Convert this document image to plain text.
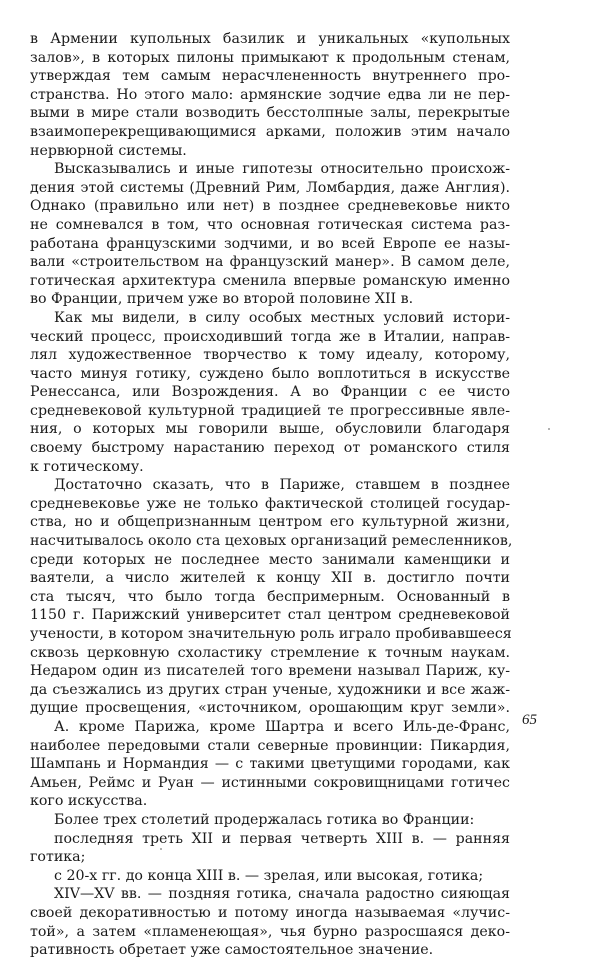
в Армении купольных базилик и уникальных «купольных
залов», в которых пилоны примыкают к продольным стенам,
утверждая тем самым нерасчлененность внутреннего про-
странства. Но этого мало: армянские зодчие едва ли не пер-
выми в мире стали возводить бесстолпные залы, перекрытые
взаимоперекрещивающимися арками, положив этим начало
нервюрной системы.
Высказывались и иные гипотезы относительно происхож-
дения этой системы (Древний Рим, Ломбардия, даже Англия).
Однако (правильно или нет) в позднее средневековье никто
не сомневался в том, что основная готическая система раз-
работана французскими зодчими, и во всей Европе ее назы-
вали «строительством на французский манер». В самом деле,
готическая архитектура сменила впервые романскую именно
во Франции, причем уже во второй половине XII в.
Как мы видели, в силу особых местных условий истори-
ческий процесс, происходивший тогда же в Италии, направ-
лял художественное творчество к тому идеалу, которому,
часто минуя готику, суждено было воплотиться в искусстве
Ренессанса, или Возрождения. А во Франции с ее чисто
средневековой культурной традицией те прогрессивные явле-
ния, о которых мы говорили выше, обусловили благодаря
своему быстрому нарастанию переход от романского стиля
к готическому.
Достаточно сказать, что в Париже, ставшем в позднее
средневековье уже не только фактической столицей государ-
ства, но и общепризнанным центром его культурной жизни,
насчитывалось около ста цеховых организаций ремесленников,
среди которых не последнее место занимали каменщики и
ваятели, а число жителей к концу XII в. достигло почти
ста тысяч, что было тогда беспримерным. Основанный в
1150 г. Парижский университет стал центром средневековой
учености, в котором значительную роль играло пробивавшееся
сквозь церковную схоластику стремление к точным наукам.
Недаром один из писателей того времени называл Париж, ку-
да съезжались из других стран ученые, художники и все жаж-
дущие просвещения, «источником, орошающим круг земли».
А. кроме Парижа, кроме Шартра и всего Иль-де-Франс,
наиболее передовыми стали северные провинции: Пикардия,
Шампань и Нормандия — с такими цветущими городами, как
Амьен, Реймс и Руан — истинными сокровищницами готичес
кого искусства.
Более трех столетий продержалась готика во Франции:
последняя треть XII и первая четверть XIII в. — ранняя
готика;
с 20-х гг. до конца XIII в. — зрелая, или высокая, готика;
XIV—XV вв. — поздняя готика, сначала радостно сияющая
своей декоративностью и потому иногда называемая «лучис-
той», а затем «пламенеющая», чья бурно разросшаяся деко-
ративность обретает уже самостоятельное значение.
65
